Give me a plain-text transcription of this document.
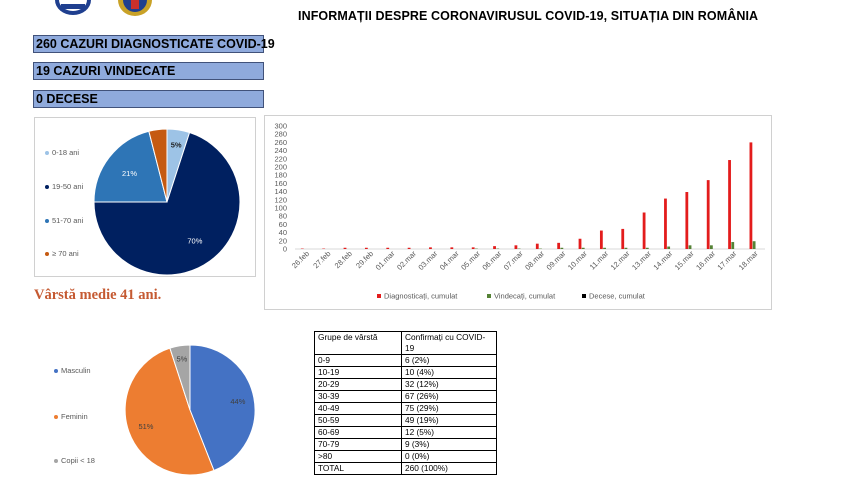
INFORMAȚII DESPRE CORONAVIRUSUL COVID-19, SITUAȚIA DIN ROMÂNIA
260 CAZURI DIAGNOSTICATE COVID-19
19 CAZURI VINDECATE
0 DECESE
0-18 ani
19-50 ani
51-70 ani
≥ 70 ani
5%
70%
21%
4%
Vârstă medie 41 ani.
0
20
40
60
80
100
120
140
160
180
200
220
240
260
280
300
26.feb 27.feb 28.feb 29.feb
01.mar
02.mar
03.mar
04.mar
05.mar
06.mar
07.mar
08.mar
09.mar
10.mar
11.mar
12.mar
13.mar
14.mar
15.mar
16.mar
17.mar
18.mar
Diagnosticați, cumulat	Vindecați, cumulat	Decese, cumulat
Masculin
Feminin
Copii < 18
44%
51%
5%
Grupe de vârstă	Confirmați cu COVID-19
0-9	6 (2%)
10-19	10 (4%)
20-29	32 (12%)
30-39	67 (26%)
40-49	75 (29%)
50-59	49 (19%)
60-69	12 (5%)
70-79	9 (3%)
>80	0 (0%)
TOTAL	260 (100%)
